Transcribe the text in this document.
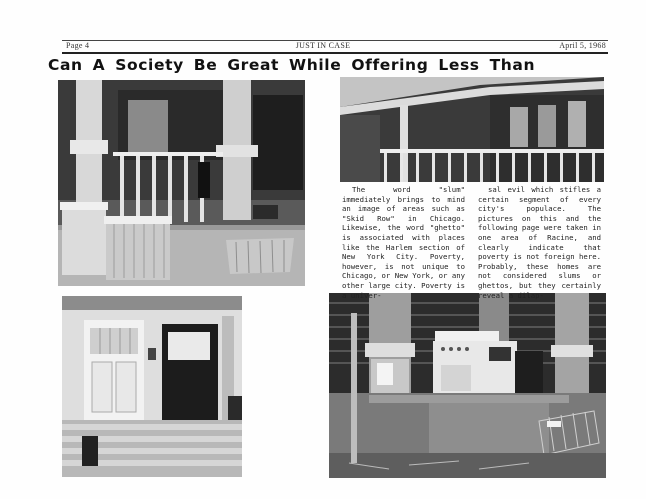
Page 4	JUST IN CASE	April 5, 1968
Can A Society Be Great While Offering Less Than

The word "slum" immediately brings to mind an image of areas such as "Skid Row" in Chicago. Likewise, the word "ghetto" is associated with places like the Harlem section of New York City. Poverty, however, is not unique to Chicago, or New York, or any other large city. Poverty is a univer-

sal evil which stifles a certain segment of every city's populace. The pictures on this and the following page were taken in one area of Racine, and clearly indicate that poverty is not foreign here. Probably, these homes are not considered slums or ghettos, but they certainly reveal a dilap-
